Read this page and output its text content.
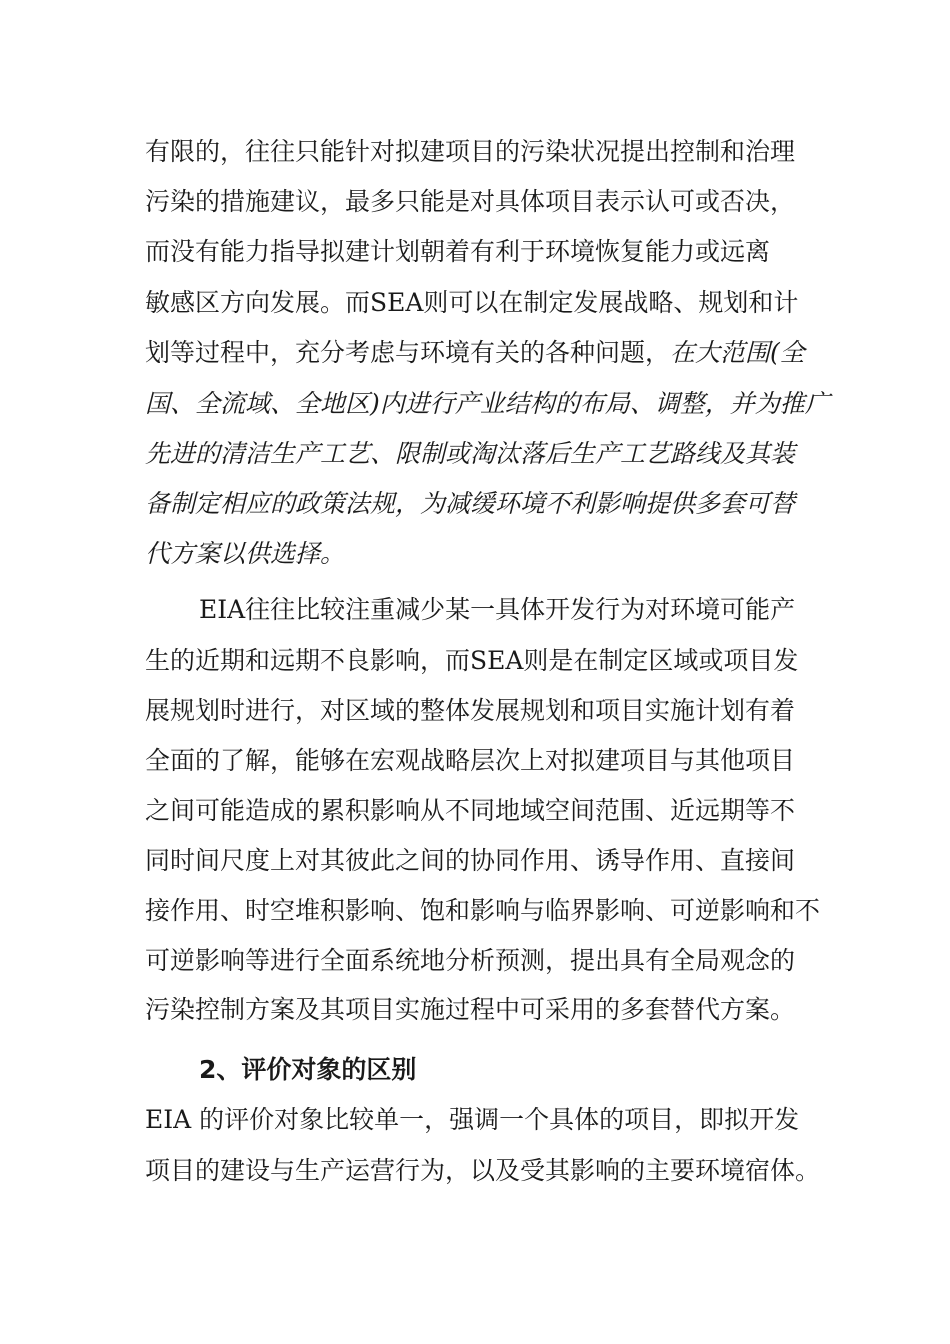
有限的，往往只能针对拟建项目的污染状况提出控制和治理
污染的措施建议，最多只能是对具体项目表示认可或否决，
而没有能力指导拟建计划朝着有利于环境恢复能力或远离
敏感区方向发展。而SEA则可以在制定发展战略、规划和计
划等过程中，充分考虑与环境有关的各种问题，在大范围(全
国、全流域、全地区)内进行产业结构的布局、调整，并为推广
先进的清洁生产工艺、限制或淘汰落后生产工艺路线及其装
备制定相应的政策法规，为减缓环境不利影响提供多套可替
代方案以供选择。
EIA往往比较注重减少某一具体开发行为对环境可能产
生的近期和远期不良影响，而SEA则是在制定区域或项目发
展规划时进行，对区域的整体发展规划和项目实施计划有着
全面的了解，能够在宏观战略层次上对拟建项目与其他项目
之间可能造成的累积影响从不同地域空间范围、近远期等不
同时间尺度上对其彼此之间的协同作用、诱导作用、直接间
接作用、时空堆积影响、饱和影响与临界影响、可逆影响和不
可逆影响等进行全面系统地分析预测，提出具有全局观念的
污染控制方案及其项目实施过程中可采用的多套替代方案。
2、评价对象的区别
EIA 的评价对象比较单一，强调一个具体的项目，即拟开发
项目的建设与生产运营行为，以及受其影响的主要环境宿体。
